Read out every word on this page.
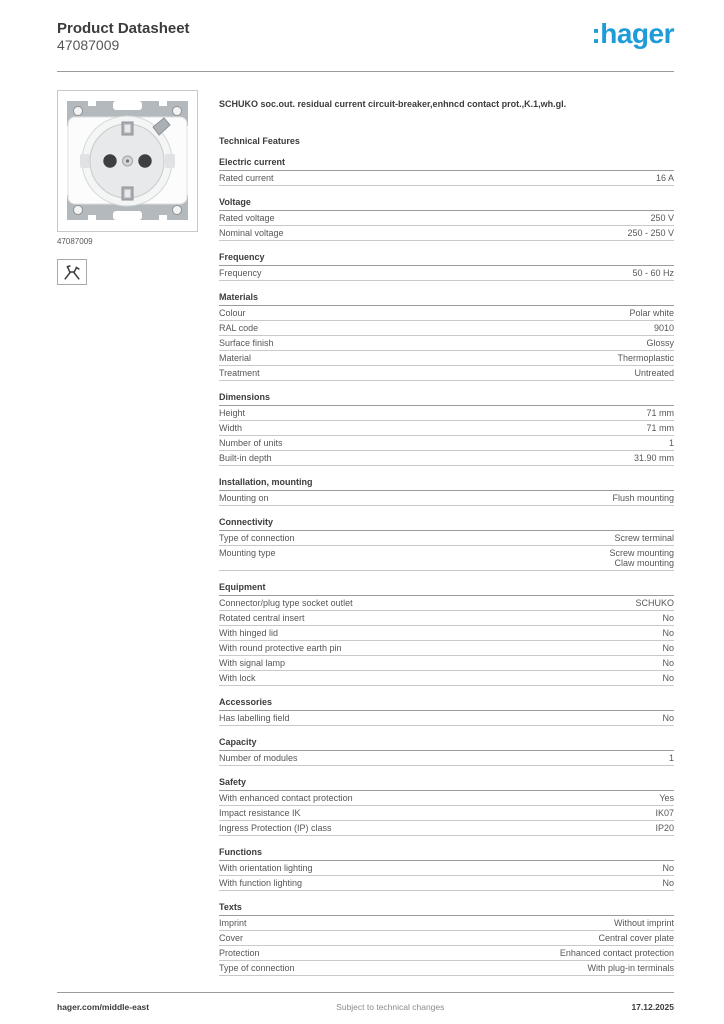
Product Datasheet
47087009	:hager
47087009
SCHUKO soc.out. residual current circuit-breaker,enhncd contact prot.,K.1,wh.gl.
Technical Features
Electric current
Rated current	16 A
Voltage
Rated voltage	250 V
Nominal voltage	250 - 250 V
Frequency
Frequency	50 - 60 Hz
Materials
Colour	Polar white
RAL code	9010
Surface finish	Glossy
Material	Thermoplastic
Treatment	Untreated
Dimensions
Height	71 mm
Width	71 mm
Number of units	1
Built-in depth	31.90 mm
Installation, mounting
Mounting on	Flush mounting
Connectivity
Type of connection	Screw terminal
Mounting type	Screw mounting
Claw mounting
Equipment
Connector/plug type socket outlet	SCHUKO
Rotated central insert	No
With hinged lid	No
With round protective earth pin	No
With signal lamp	No
With lock	No
Accessories
Has labelling field	No
Capacity
Number of modules	1
Safety
With enhanced contact protection	Yes
Impact resistance IK	IK07
Ingress Protection (IP) class	IP20
Functions
With orientation lighting	No
With function lighting	No
Texts
Imprint	Without imprint
Cover	Central cover plate
Protection	Enhanced contact protection
Type of connection	With plug-in terminals
hager.com/middle-east	Subject to technical changes	17.12.2025
